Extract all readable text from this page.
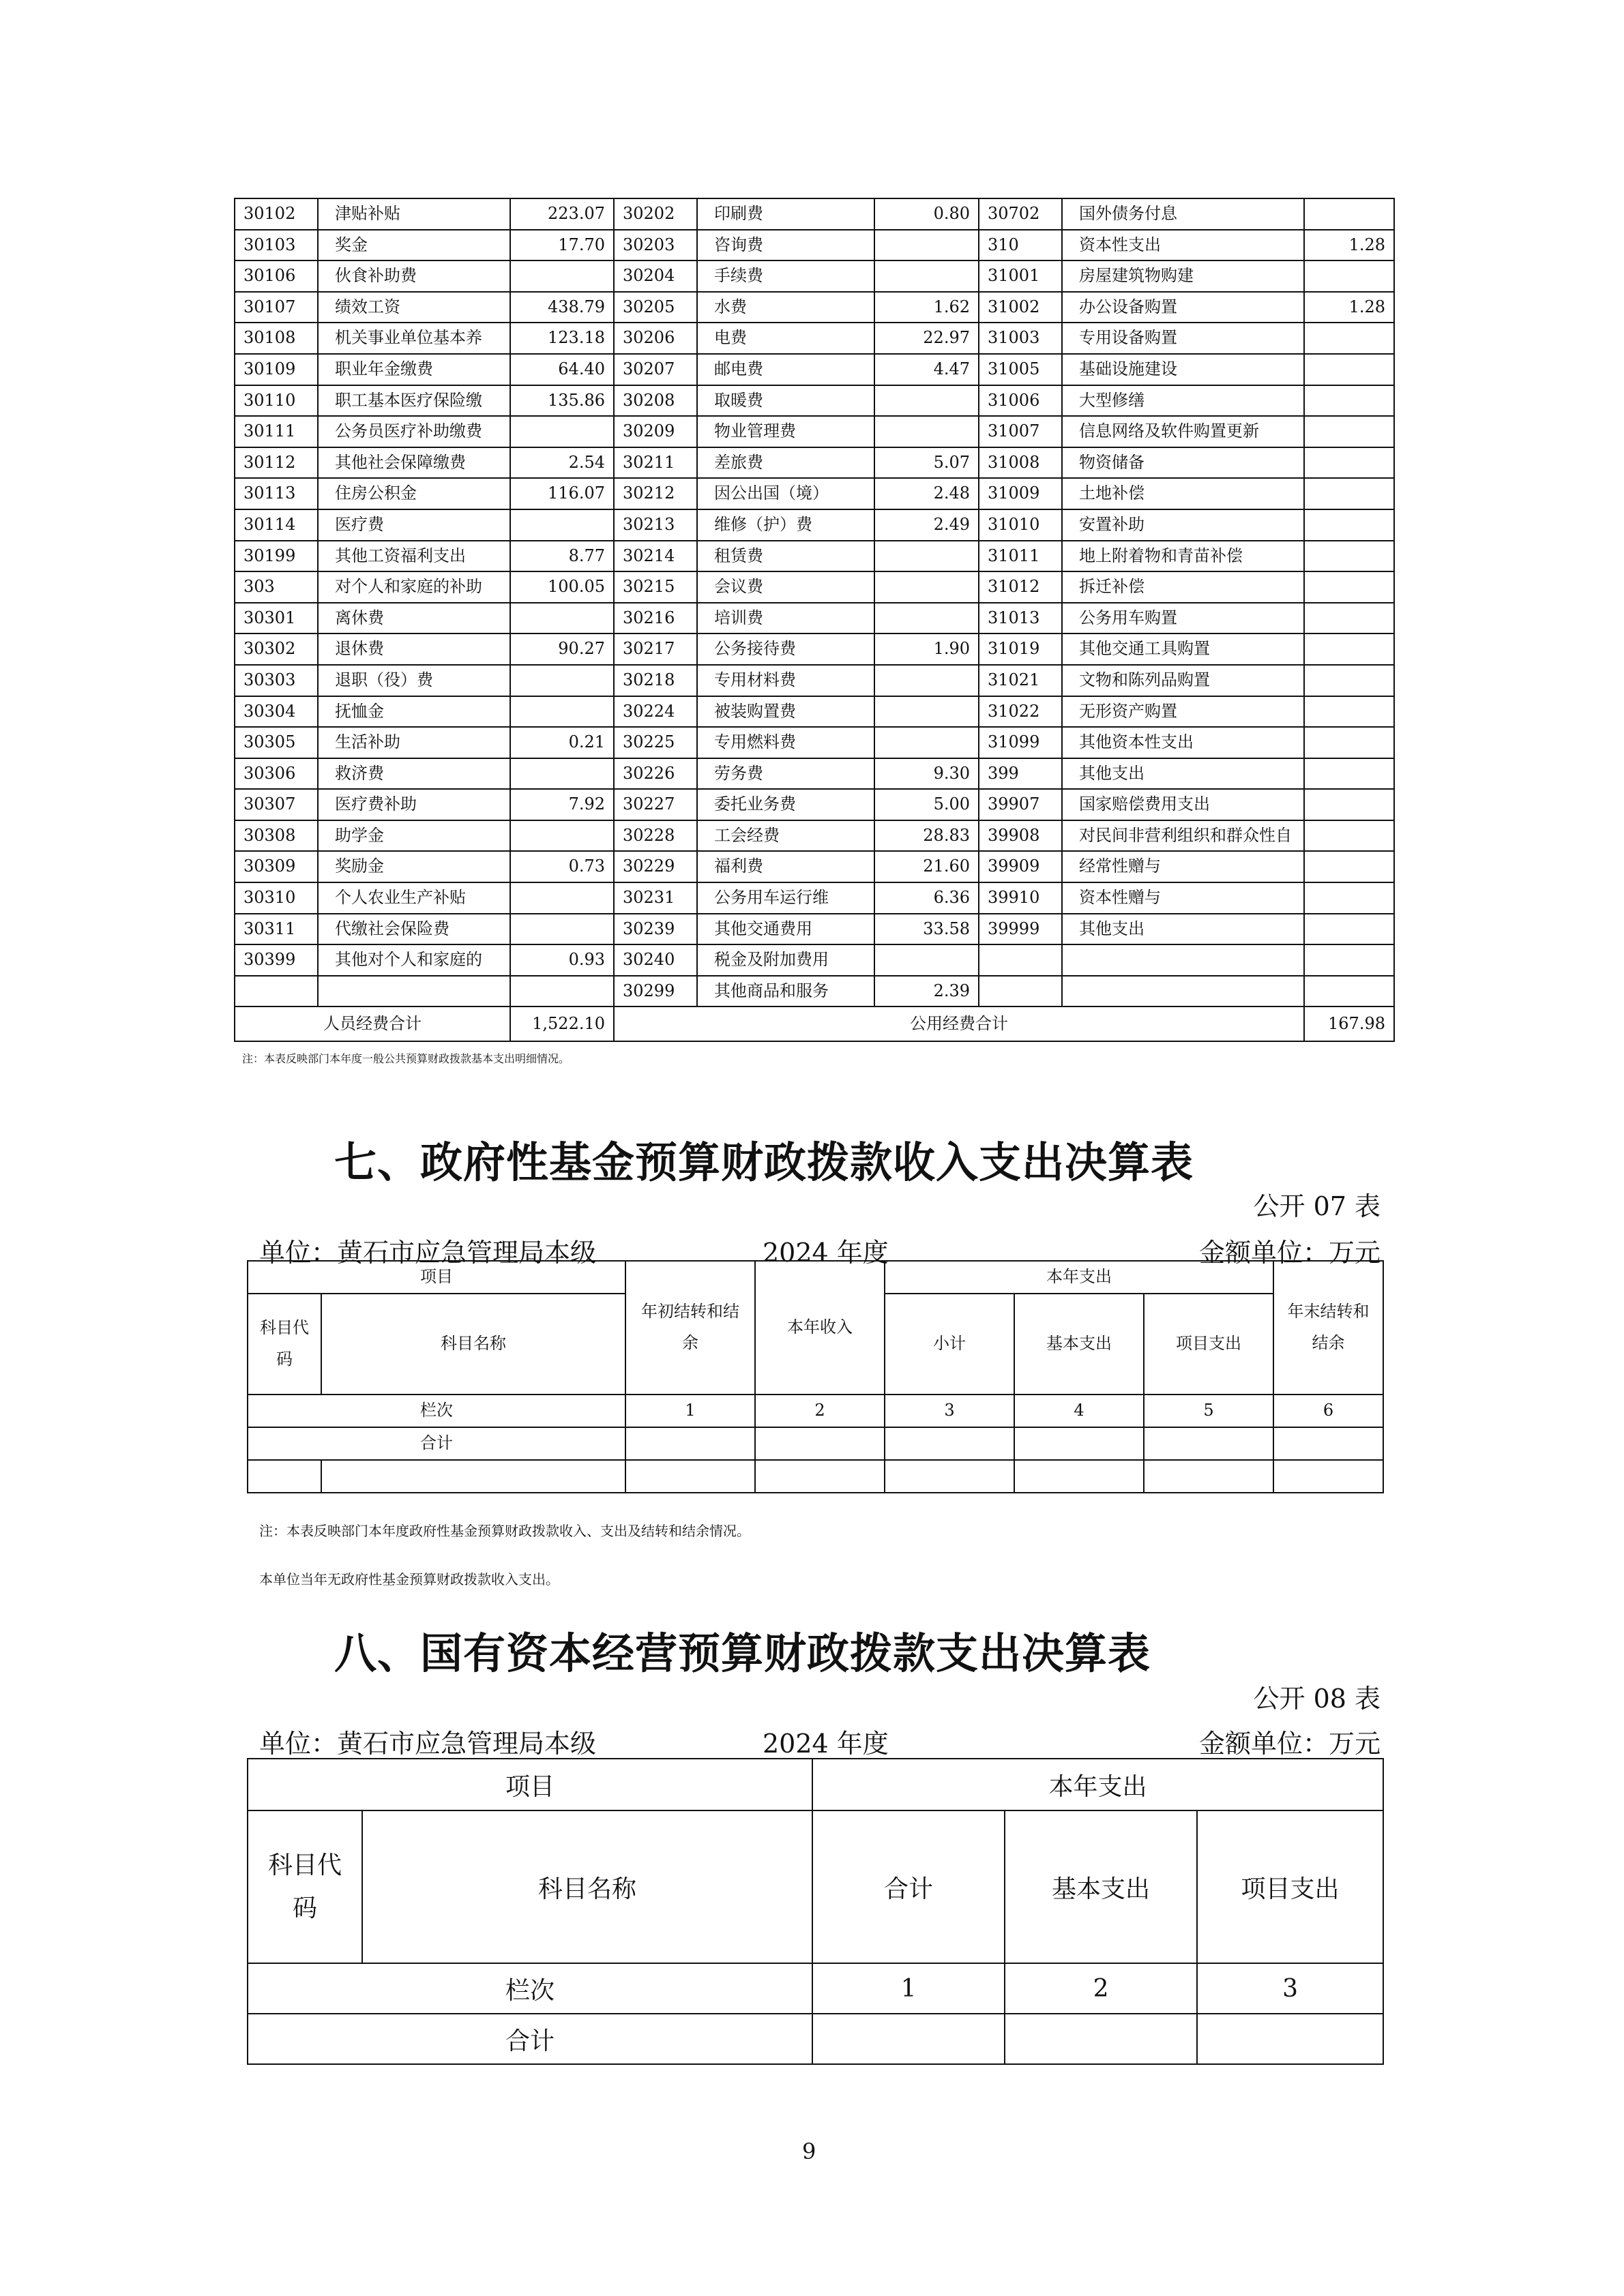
30102	津贴补贴	223.07	30202	印刷费	0.80	30702	国外债务付息	
30103	奖金	17.70	30203	咨询费		310	资本性支出	1.28
30106	伙食补助费		30204	手续费		31001	房屋建筑物购建	
30107	绩效工资	438.79	30205	水费	1.62	31002	办公设备购置	1.28
30108	机关事业单位基本养	123.18	30206	电费	22.97	31003	专用设备购置	
30109	职业年金缴费	64.40	30207	邮电费	4.47	31005	基础设施建设	
30110	职工基本医疗保险缴	135.86	30208	取暖费		31006	大型修缮	
30111	公务员医疗补助缴费		30209	物业管理费		31007	信息网络及软件购置更新	
30112	其他社会保障缴费	2.54	30211	差旅费	5.07	31008	物资储备	
30113	住房公积金	116.07	30212	因公出国（境）	2.48	31009	土地补偿	
30114	医疗费		30213	维修（护）费	2.49	31010	安置补助	
30199	其他工资福利支出	8.77	30214	租赁费		31011	地上附着物和青苗补偿	
303	对个人和家庭的补助	100.05	30215	会议费		31012	拆迁补偿	
30301	离休费		30216	培训费		31013	公务用车购置	
30302	退休费	90.27	30217	公务接待费	1.90	31019	其他交通工具购置	
30303	退职（役）费		30218	专用材料费		31021	文物和陈列品购置	
30304	抚恤金		30224	被装购置费		31022	无形资产购置	
30305	生活补助	0.21	30225	专用燃料费		31099	其他资本性支出	
30306	救济费		30226	劳务费	9.30	399	其他支出	
30307	医疗费补助	7.92	30227	委托业务费	5.00	39907	国家赔偿费用支出	
30308	助学金		30228	工会经费	28.83	39908	对民间非营利组织和群众性自	
30309	奖励金	0.73	30229	福利费	21.60	39909	经常性赠与	
30310	个人农业生产补贴		30231	公务用车运行维	6.36	39910	资本性赠与	
30311	代缴社会保险费		30239	其他交通费用	33.58	39999	其他支出	
30399	其他对个人和家庭的	0.93	30240	税金及附加费用				
			30299	其他商品和服务	2.39			
人员经费合计		1,522.10	公用经费合计					167.98
注：本表反映部门本年度一般公共预算财政拨款基本支出明细情况。
七、政府性基金预算财政拨款收入支出决算表
公开 07 表
单位：黄石市应急管理局本级	2024 年度	金额单位：万元
项目		年初结转和结余	本年收入	本年支出			年末结转和结余
科目代码	科目名称			小计	基本支出	项目支出	
栏次		1	2	3	4	5	6
合计							

注：本表反映部门本年度政府性基金预算财政拨款收入、支出及结转和结余情况。
本单位当年无政府性基金预算财政拨款收入支出。
八、国有资本经营预算财政拨款支出决算表
公开 08 表
单位：黄石市应急管理局本级	2024 年度	金额单位：万元
项目		本年支出		
科目代码	科目名称	合计	基本支出	项目支出
栏次		1	2	3
合计				
9
